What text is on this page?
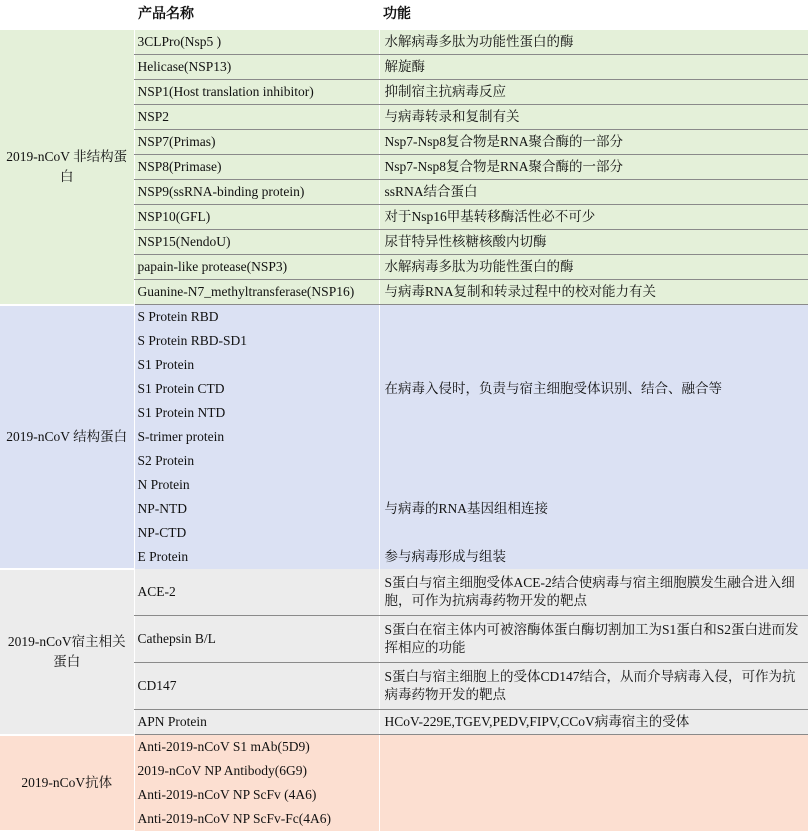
	产品名称	功能
2019-nCoV 非结构蛋白	3CLPro(Nsp5 )	水解病毒多肽为功能性蛋白的酶
	Helicase(NSP13)	解旋酶
	NSP1(Host translation inhibitor)	抑制宿主抗病毒反应
	NSP2	与病毒转录和复制有关
	NSP7(Primas)	Nsp7-Nsp8复合物是RNA聚合酶的一部分
	NSP8(Primase)	Nsp7-Nsp8复合物是RNA聚合酶的一部分
	NSP9(ssRNA-binding protein)	ssRNA结合蛋白
	NSP10(GFL)	对于Nsp16甲基转移酶活性必不可少
	NSP15(NendoU)	尿苷特异性核糖核酸内切酶
	papain-like protease(NSP3)	水解病毒多肽为功能性蛋白的酶
	Guanine-N7_methyltransferase(NSP16)	与病毒RNA复制和转录过程中的校对能力有关
2019-nCoV 结构蛋白	S Protein RBD	在病毒入侵时，负责与宿主细胞受体识别、结合、融合等
	S Protein RBD-SD1	
	S1 Protein	
	S1 Protein CTD	
	S1 Protein NTD	
	S-trimer protein	
	S2 Protein	
	N Protein	与病毒的RNA基因组相连接
	NP-NTD	
	NP-CTD	
	E Protein	参与病毒形成与组装
2019-nCoV宿主相关蛋白	ACE-2	S蛋白与宿主细胞受体ACE-2结合使病毒与宿主细胞膜发生融合进入细胞，可作为抗病毒药物开发的靶点
	Cathepsin B/L	S蛋白在宿主体内可被溶酶体蛋白酶切割加工为S1蛋白和S2蛋白进而发挥相应的功能
	CD147	S蛋白与宿主细胞上的受体CD147结合，从而介导病毒入侵，可作为抗病毒药物开发的靶点
	APN Protein	HCoV-229E,TGEV,PEDV,FIPV,CCoV病毒宿主的受体
2019-nCoV抗体	Anti-2019-nCoV S1 mAb(5D9)	
	2019-nCoV NP Antibody(6G9)	
	Anti-2019-nCoV NP ScFv (4A6)	
	Anti-2019-nCoV NP ScFv-Fc(4A6)	
